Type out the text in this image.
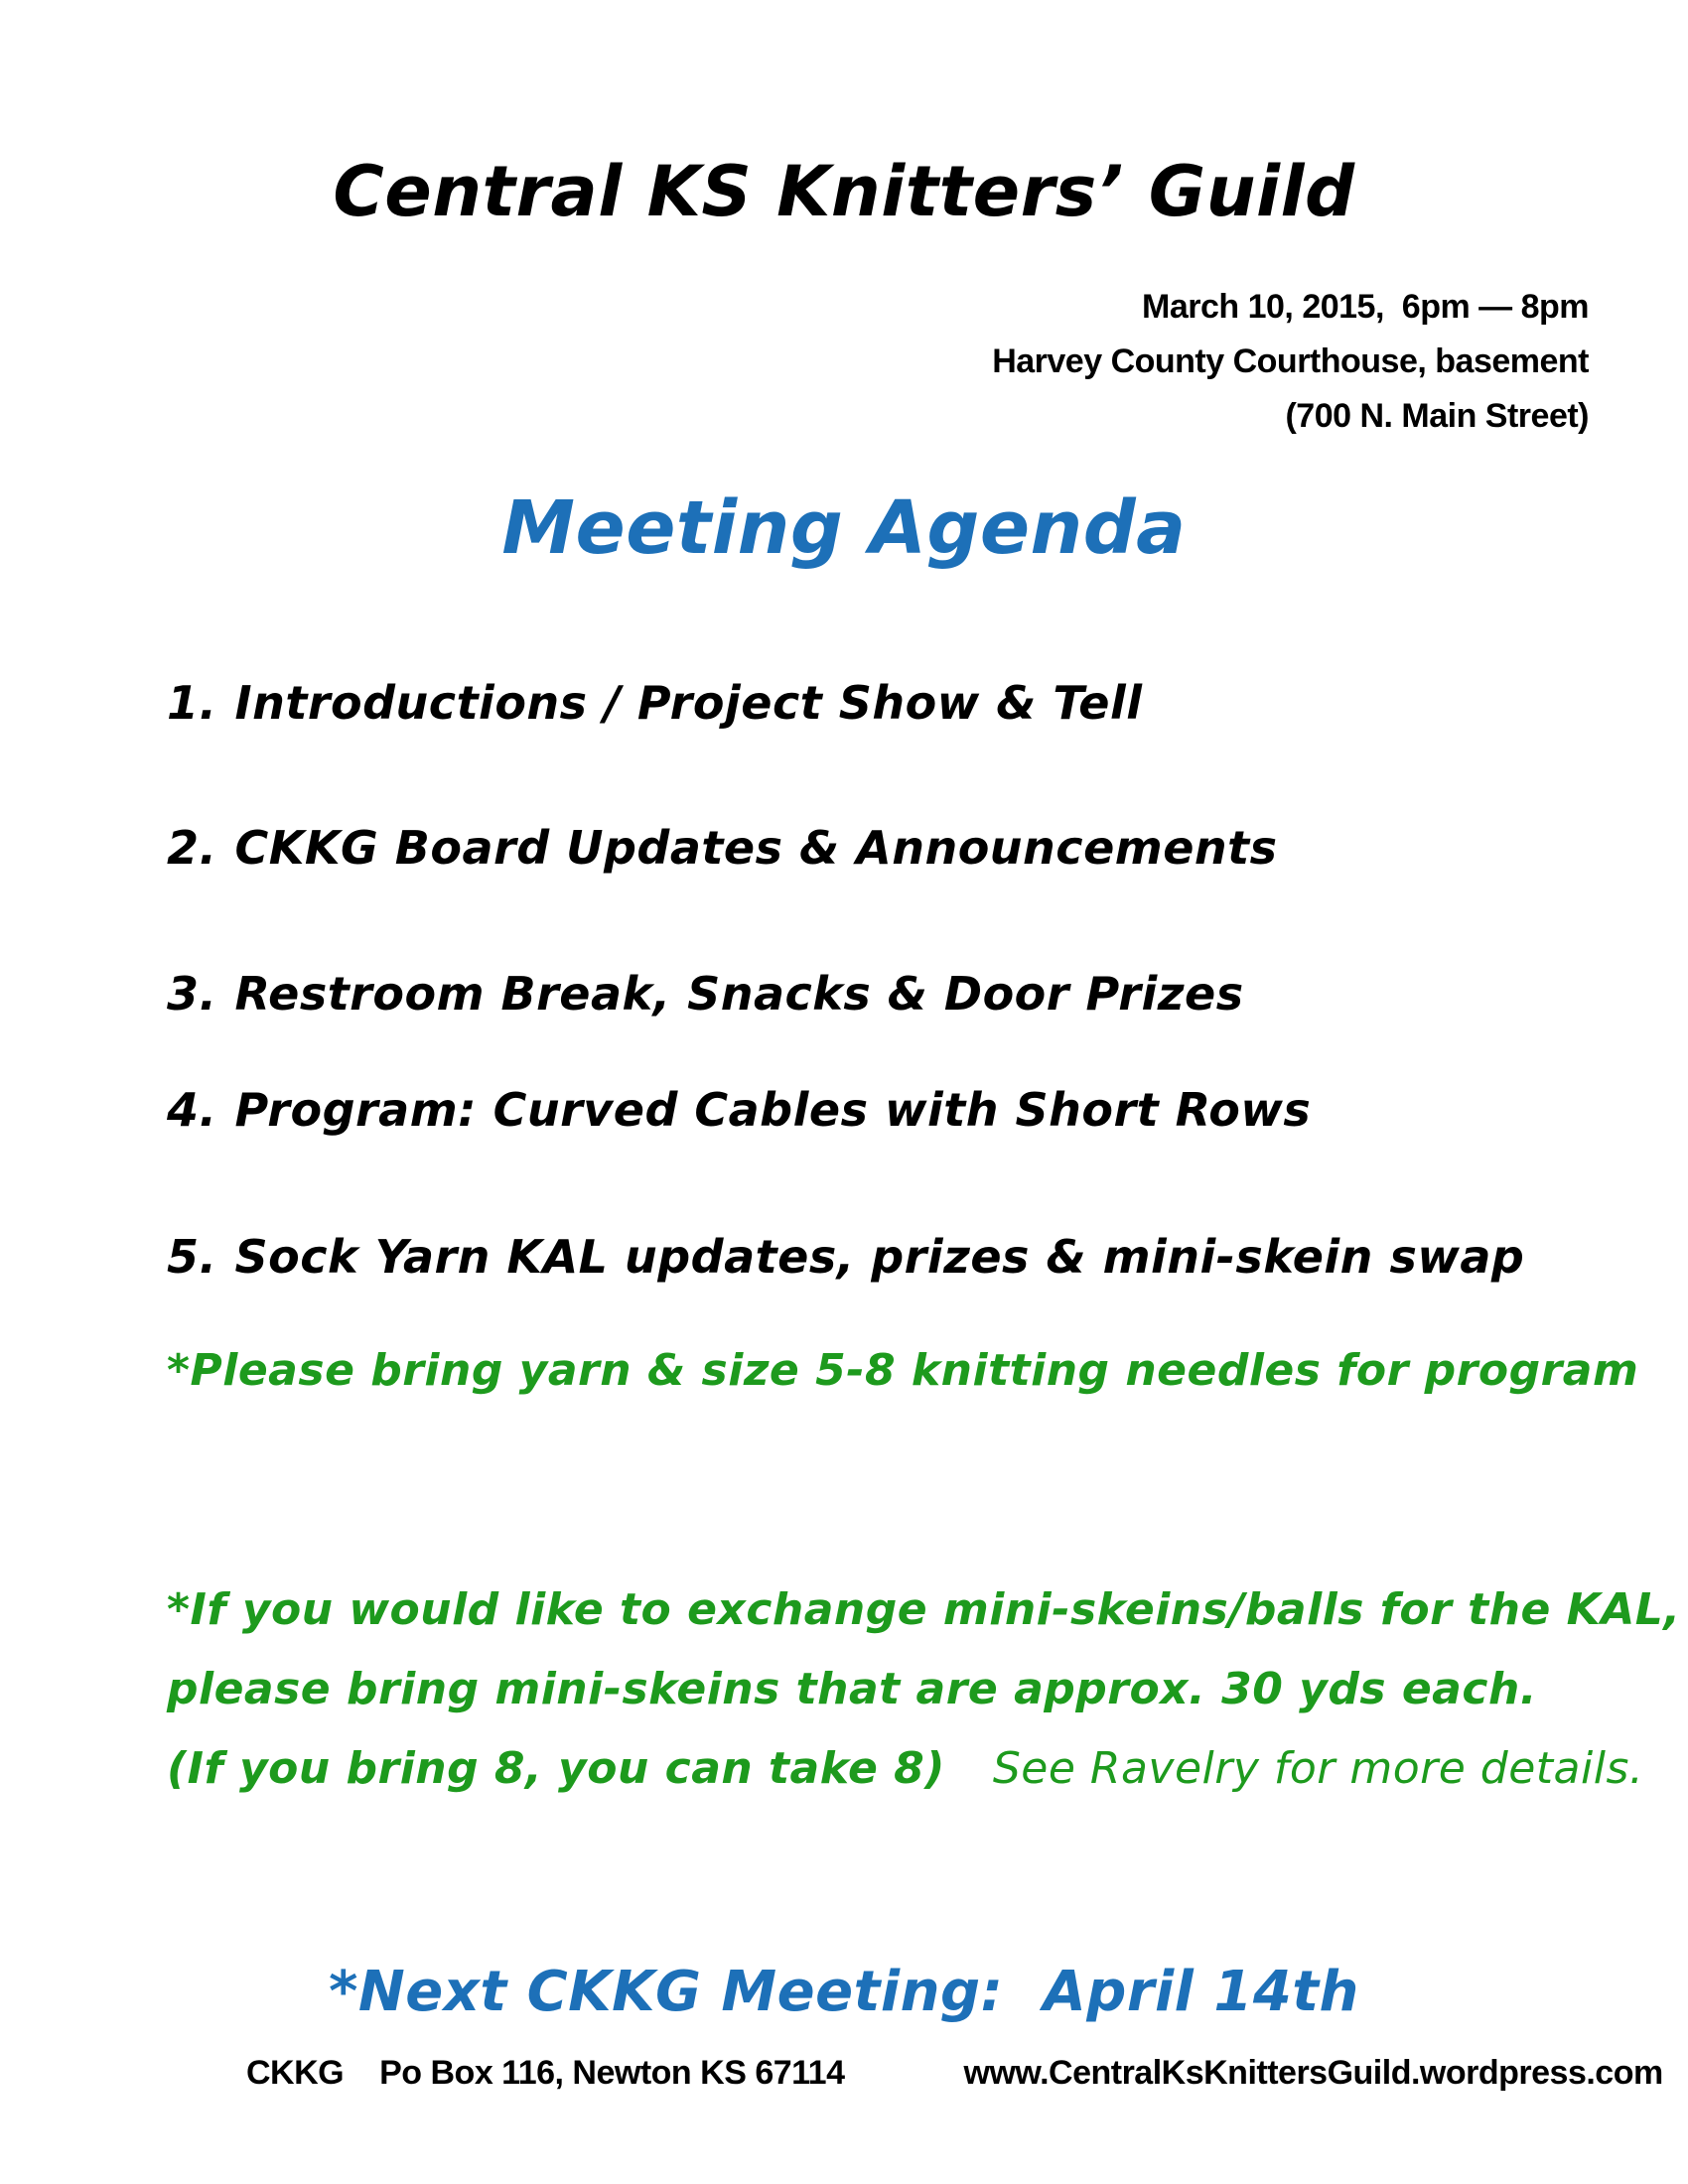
Central KS Knitters’ Guild
March 10, 2015,  6pm — 8pm
Harvey County Courthouse, basement
(700 N. Main Street)
Meeting Agenda
1. Introductions / Project Show & Tell
2. CKKG Board Updates & Announcements
3. Restroom Break, Snacks & Door Prizes
4. Program: Curved Cables with Short Rows
5. Sock Yarn KAL updates, prizes & mini-skein swap
*Please bring yarn & size 5-8 knitting needles for program
*If you would like to exchange mini-skeins/balls for the KAL,
please bring mini-skeins that are approx. 30 yds each.
(If you bring 8, you can take 8) See Ravelry for more details.
*Next CKKG Meeting:  April 14th
CKKG Po Box 116, Newton KS 67114	www.CentralKsKnittersGuild.wordpress.com
